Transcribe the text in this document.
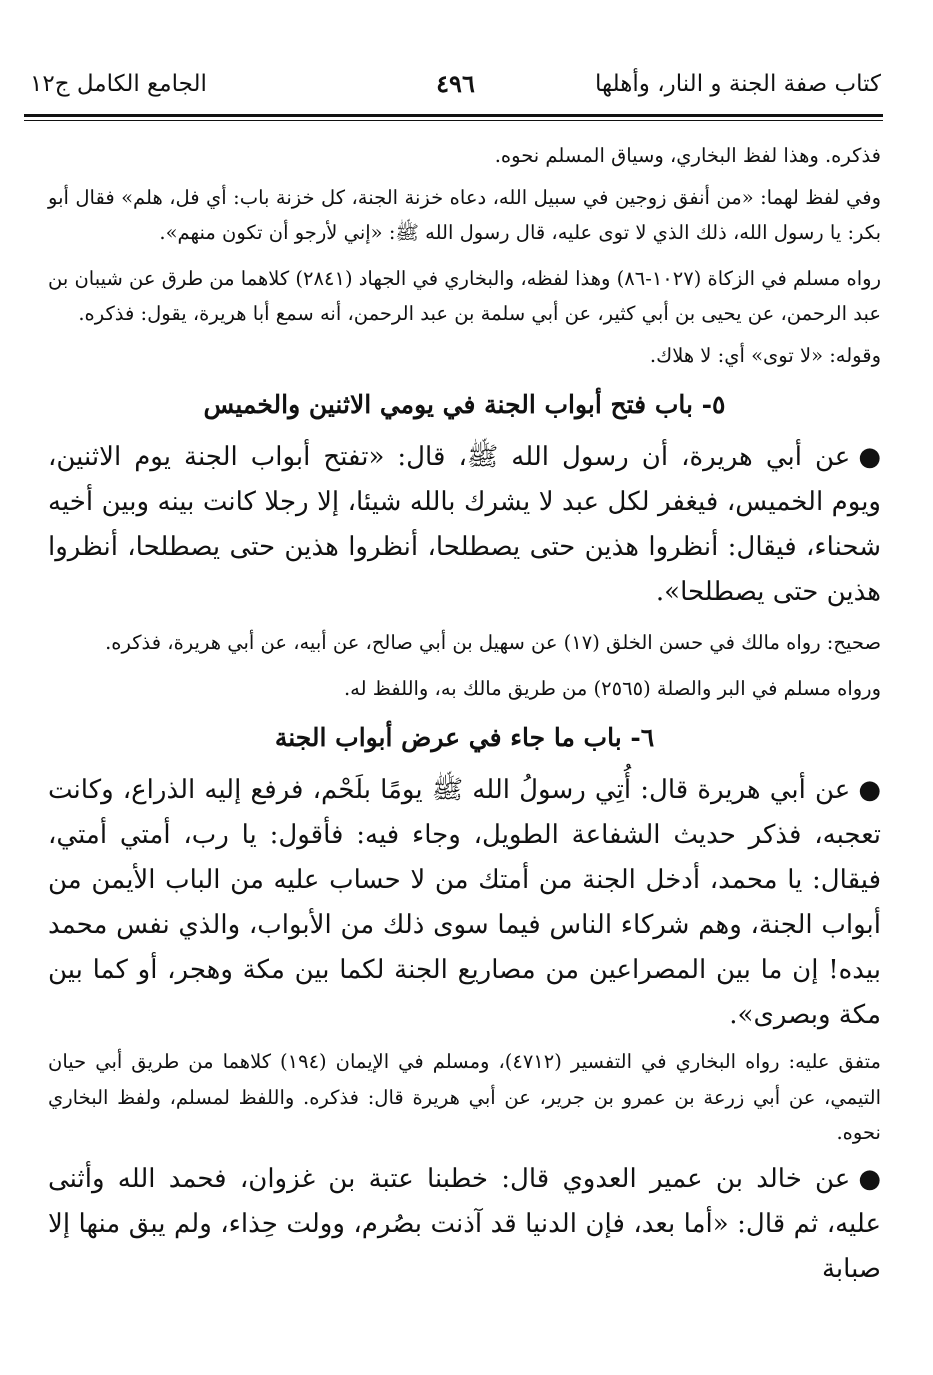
كتاب صفة الجنة و النار، وأهلها
٤٩٦
الجامع الكامل ج١٢

فذكره. وهذا لفظ البخاري، وسياق المسلم نحوه.

وفي لفظ لهما: «من أنفق زوجين في سبيل الله، دعاه خزنة الجنة، كل خزنة باب: أي فل، هلم» فقال أبو بكر: يا رسول الله، ذلك الذي لا توى عليه، قال رسول الله ﷺ: «إني لأرجو أن تكون منهم».

رواه مسلم في الزكاة (١٠٢٧-٨٦) وهذا لفظه، والبخاري في الجهاد (٢٨٤١) كلاهما من طرق عن شيبان بن عبد الرحمن، عن يحيى بن أبي كثير، عن أبي سلمة بن عبد الرحمن، أنه سمع أبا هريرة، يقول: فذكره.

وقوله: «لا توى» أي: لا هلاك.

٥- باب فتح أبواب الجنة في يومي الاثنين والخميس

●عن أبي هريرة، أن رسول الله ﷺ، قال: «تفتح أبواب الجنة يوم الاثنين، ويوم الخميس، فيغفر لكل عبد لا يشرك بالله شيئا، إلا رجلا كانت بينه وبين أخيه شحناء، فيقال: أنظروا هذين حتى يصطلحا، أنظروا هذين حتى يصطلحا، أنظروا هذين حتى يصطلحا».

صحيح: رواه مالك في حسن الخلق (١٧) عن سهيل بن أبي صالح، عن أبيه، عن أبي هريرة، فذكره.

ورواه مسلم في البر والصلة (٢٥٦٥) من طريق مالك به، واللفظ له.

٦- باب ما جاء في عرض أبواب الجنة

●عن أبي هريرة قال: أُتِي رسولُ الله ﷺ يومًا بلَحْم، فرفع إليه الذراع، وكانت تعجبه، فذكر حديث الشفاعة الطويل، وجاء فيه: فأقول: يا رب، أمتي أمتي، فيقال: يا محمد، أدخل الجنة من أمتك من لا حساب عليه من الباب الأيمن من أبواب الجنة، وهم شركاء الناس فيما سوى ذلك من الأبواب، والذي نفس محمد بيده! إن ما بين المصراعين من مصاريع الجنة لكما بين مكة وهجر، أو كما بين مكة وبصرى».

متفق عليه: رواه البخاري في التفسير (٤٧١٢)، ومسلم في الإيمان (١٩٤) كلاهما من طريق أبي حيان التيمي، عن أبي زرعة بن عمرو بن جرير، عن أبي هريرة قال: فذكره. واللفظ لمسلم، ولفظ البخاري نحوه.

●عن خالد بن عمير العدوي قال: خطبنا عتبة بن غزوان، فحمد الله وأثنى عليه، ثم قال: «أما بعد، فإن الدنيا قد آذنت بصُرم، وولت حِذاء، ولم يبق منها إلا صبابة
